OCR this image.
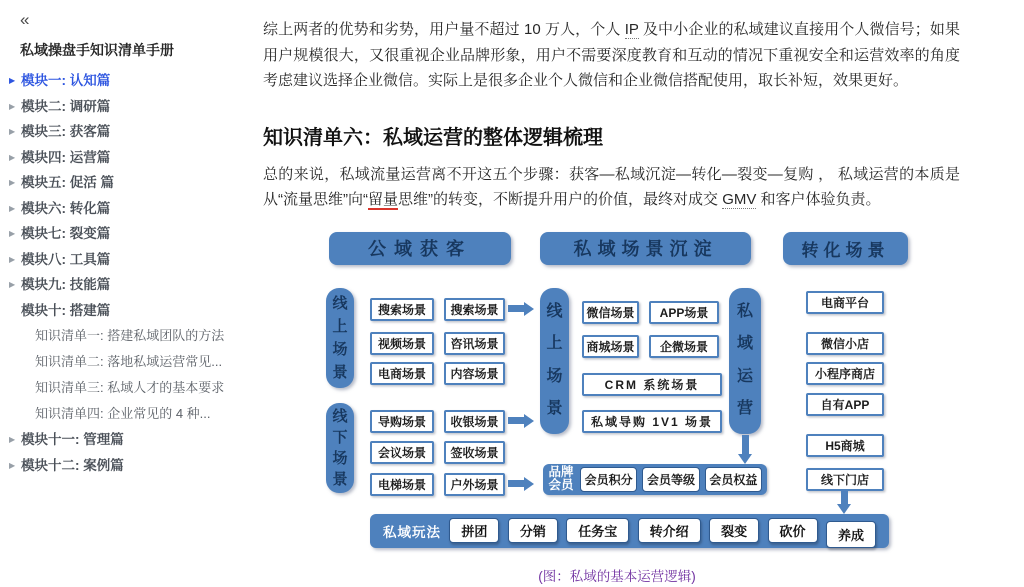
«
私域操盘手知识清单手册
▶ 模块一: 认知篇
▶ 模块二: 调研篇
▶ 模块三: 获客篇
▶ 模块四: 运营篇
▶ 模块五: 促活 篇
▶ 模块六: 转化篇
▶ 模块七: 裂变篇
▶ 模块八: 工具篇
▶ 模块九: 技能篇
模块十: 搭建篇
知识清单一: 搭建私域团队的方法
知识清单二: 落地私域运营常见...
知识清单三: 私域人才的基本要求
知识清单四: 企业常见的 4 种...
▶ 模块十一: 管理篇
▶ 模块十二: 案例篇

综上两者的优势和劣势，用户量不超过 10 万人，个人 IP 及中小企业的私域建议直接用个人微信号；如果用户规模很大，又很重视企业品牌形象，用户不需要深度教育和互动的情况下重视安全和运营效率的角度考虑建议选择企业微信。实际上是很多企业个人微信和企业微信搭配使用，取长补短，效果更好。

知识清单六：私域运营的整体逻辑梳理

总的来说，私域流量运营离不开这五个步骤：获客—私域沉淀—转化—裂变—复购 ， 私域运营的本质是从“流量思维”向“留量思维”的转变，不断提升用户的价值，最终对成交 GMV 和客户体验负责。

公域获客	私域场景沉淀	转化场景
线
上
场
景
线
下
场
景
线
上
场
景
私
域
运
营
搜索场景	搜索场景
视频场景	咨讯场景
电商场景	内容场景
导购场景	收银场景
会议场景	签收场景
电梯场景	户外场景
微信场景	APP场景
商城场景	企微场景
CRM 系统场景
私域导购 1V1 场景
电商平台
微信小店
小程序商店
自有APP
H5商城
线下门店
品牌会员 会员积分	会员等级	会员权益
私域玩法	拼团	分销	任务宝	转介绍	裂变	砍价	养成
(图：私域的基本运营逻辑)
